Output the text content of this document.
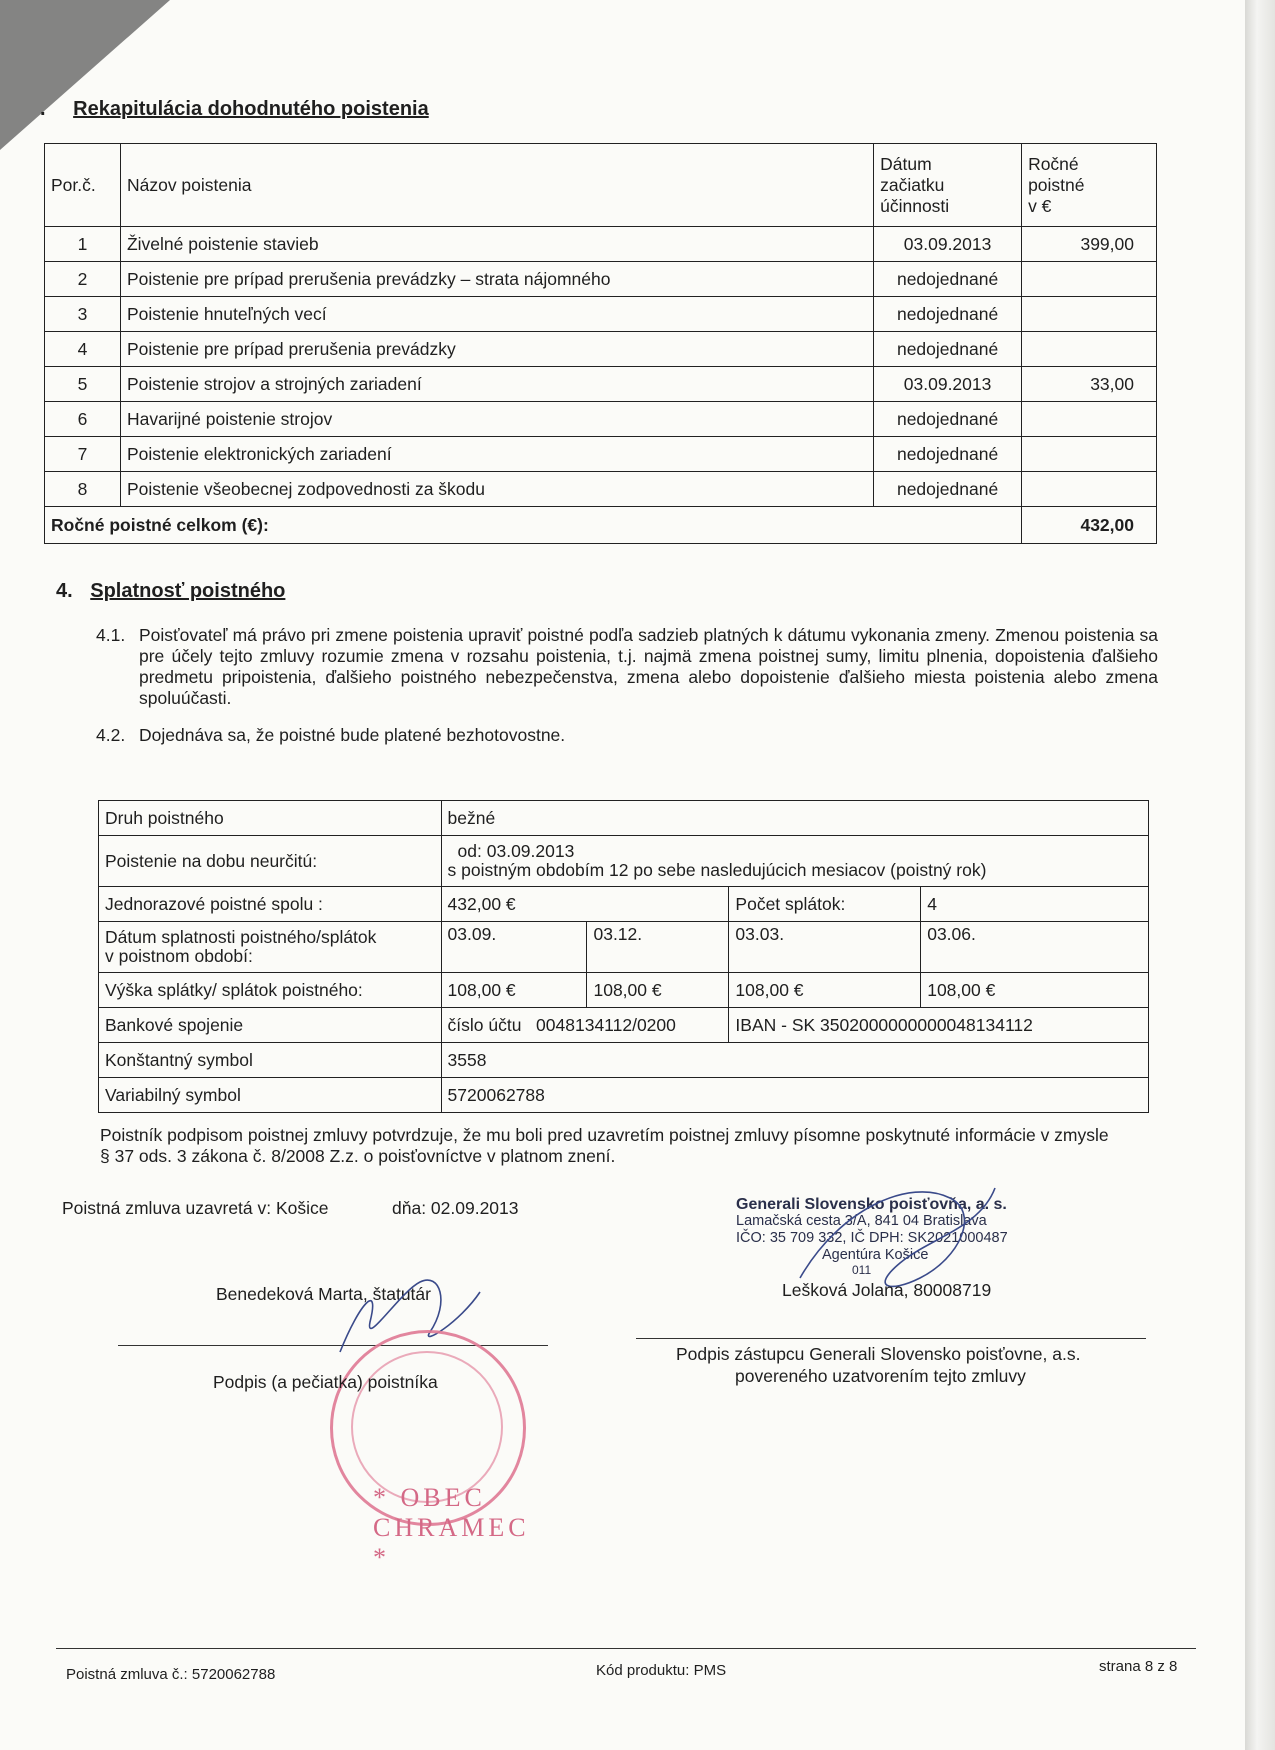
. Rekapitulácia dohodnutého poistenia
Por.č.	Názov poistenia	Dátum
začiatku
účinnosti	Ročné
poistné
v €
1	Živelné poistenie stavieb	03.09.2013	399,00
2	Poistenie pre prípad prerušenia prevádzky – strata nájomného	nedojednané	
3	Poistenie hnuteľných vecí	nedojednané	
4	Poistenie pre prípad prerušenia prevádzky	nedojednané	
5	Poistenie strojov a strojných zariadení	03.09.2013	33,00
6	Havarijné poistenie strojov	nedojednané	
7	Poistenie elektronických zariadení	nedojednané	
8	Poistenie všeobecnej zodpovednosti za škodu	nedojednané	
Ročné poistné celkom (€):			432,00
4. Splatnosť poistného
4.1. Poisťovateľ má právo pri zmene poistenia upraviť poistné podľa sadzieb platných k dátumu vykonania zmeny. Zmenou poistenia sa pre účely tejto zmluvy rozumie zmena v rozsahu poistenia, t.j. najmä zmena poistnej sumy, limitu plnenia, dopoistenia ďalšieho predmetu pripoistenia, ďalšieho poistného nebezpečenstva, zmena alebo dopoistenie ďalšieho miesta poistenia alebo zmena spoluúčasti.
4.2. Dojednáva sa, že poistné bude platené bezhotovostne.
Druh poistného	bežné			
Poistenie na dobu neurčitú:	od: 03.09.2013
s poistným obdobím 12 po sebe nasledujúcich mesiacov (poistný rok)			

Jednorazové poistné spolu :	432,00 €		Počet splátok:	4
Dátum splatnosti poistného/splátok
v poistnom období:	03.09.	03.12.	03.03.	03.06.
Výška splátky/ splátok poistného:	108,00 €	108,00 €	108,00 €	108,00 €
Bankové spojenie	číslo účtu   0048134112/0200		IBAN - SK 3502000000000048134112	
Konštantný symbol	3558			
Variabilný symbol	5720062788			
Poistník podpisom poistnej zmluvy potvrdzuje, že mu boli pred uzavretím poistnej zmluvy písomne poskytnuté informácie v zmysle § 37 ods. 3 zákona č. 8/2008 Z.z. o poisťovníctve v platnom znení.
Poistná zmluva uzavretá v: Košice	dňa: 02.09.2013	Generali Slovensko poisťovňa, a. s.
Lamačská cesta 3/A, 841 04 Bratislava
IČO: 35 709 332, IČ DPH: SK2021000487
Agentúra Košice
011
Benedeková Marta, štatutár	Lešková Jolana, 80008719
* OBEC CHRAMEC *
Podpis (a pečiatka) poistníka
Podpis zástupcu Generali Slovensko poisťovne, a.s.
povereného uzatvorením tejto zmluvy
Poistná zmluva č.: 5720062788	Kód produktu: PMS	strana 8 z 8
